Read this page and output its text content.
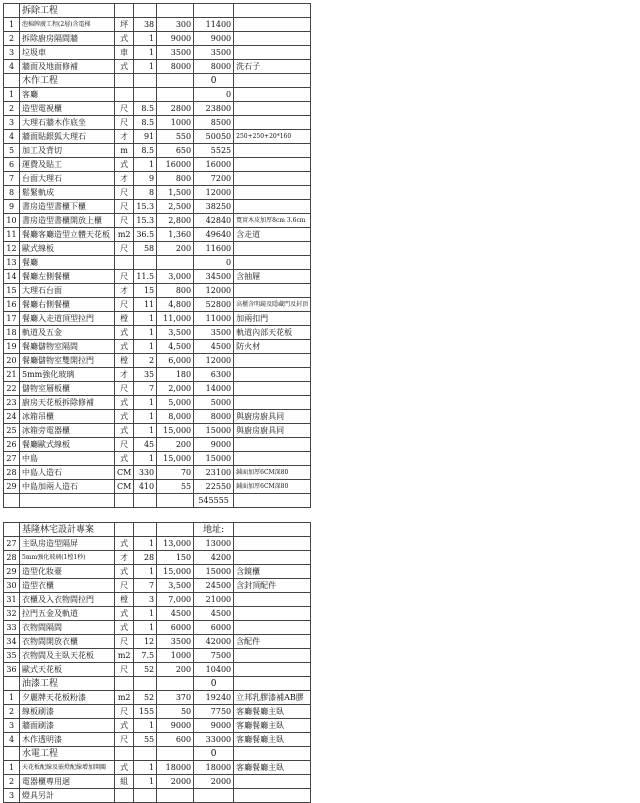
	拆除工程					
1	泡棉牌廣工程(2層)含電梯	坪	38	300	11400	
2	拆除廚房隔間牆	式	1	9000	9000	
3	垃圾車	車	1	3500	3500	
4	牆面及地面修補	式	1	8000	8000	洗石子
	木作工程				0	
1	客廳				0	
2	造型電視櫃	尺	8.5	2800	23800	
3	大理石牆木作底坐	尺	8.5	1000	8500	
4	牆面貼銀狐大理石	才	91	550	50050	250+250+20*160
5	加工及背切	m	8.5	650	5525	
6	運費及貼工	式	1	16000	16000	
7	台面大理石	才	9	800	7200	
8	鬆緊軌成	尺	8	1,500	12000	
9	書房造型書櫃下櫃	尺	15.3	2,500	38250	
10	書房造型書櫃開放上櫃	尺	15.3	2,800	42840	寬實木皮加厚8cm 3.6cm
11	餐廳客廳造型立體天花板	m2	36.5	1,360	49640	含走道
12	歐式線板	尺	58	200	11600	
13	餐廳				0	
14	餐廳左側餐櫃	尺	11.5	3,000	34500	含抽屜
15	大理石台面	才	15	800	12000	
16	餐廳右側餐櫃	尺	11	4,800	52800	高櫃含明鏡及隱藏門及封頂
17	餐廳入走道頂型拉門	樘	1	11,000	11000	加兩扣門
18	軌道及五金	式	1	3,500	3500	軌道內部天花板
19	餐廳儲物室隔間	式	1	4,500	4500	防火材
20	餐廳儲物室雙開拉門	樘	2	6,000	12000	
21	5mm強化玻璃	才	35	180	6300	
22	儲物室層板櫃	尺	7	2,000	14000	
23	廚房天花板拆除修補	式	1	5,000	5000	
24	冰箱吊櫃	式	1	8,000	8000	與廚房廚具同
25	冰箱旁電器櫃	式	1	15,000	15000	與廚房廚具同
26	餐廳歐式線板	尺	45	200	9000	
27	中島	式	1	15,000	15000	
28	中島人造石	CM	330	70	23100	鋪面加厚6CM深80
29	中島加兩人造石	CM	410	55	22550	鋪面加厚6CM深80
					545555	

	基隆林宅設計專案				地址:	
27	主臥房造型隔屏	式	1	13,000	13000	
28	5mm強化玻璃(1樘1秒)	才	28	150	4200	
29	造型化妝臺	式	1	15,000	15000	含鏡櫃
30	造型衣櫃	尺	7	3,500	24500	含封頂配件
31	衣櫃及入衣物間拉門	樘	3	7,000	21000	
32	拉門五金及軌道	式	1	4500	4500	
33	衣物間隔間	式	1	6000	6000	
34	衣物間開放衣櫃	尺	12	3500	42000	含配件
35	衣物間及主臥天花板	m2	7.5	1000	7500	
36	歐式天花板	尺	52	200	10400	
	油漆工程				0	
1	夕麗牌天花板粉漆	m2	52	370	19240	立邦乳膠漆補AB膠
2	線板刷漆	尺	155	50	7750	客廳餐廳主臥
3	牆面刷漆	式	1	9000	9000	客廳餐廳主臥
4	木作透明漆	尺	55	600	33000	客廳餐廳主臥
	水電工程				0	
1	天花板配線及嵌燈配線增加開關	式	1	18000	18000	客廳餐廳主臥
2	電器櫃專用迴	組	1	2000	2000	
3	燈具另計					
